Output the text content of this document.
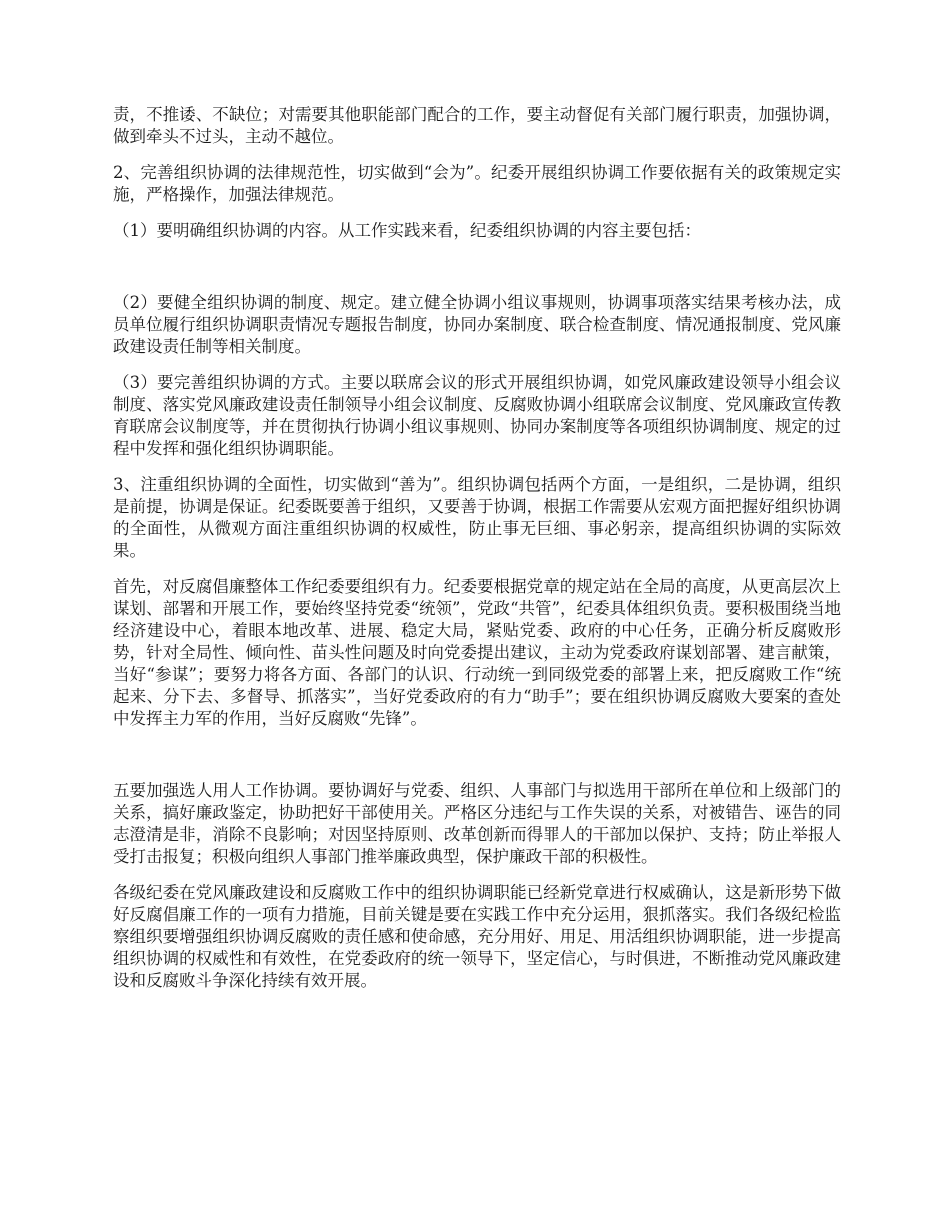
责，不推诿、不缺位；对需要其他职能部门配合的工作，要主动督促有关部门履行职责，加强协调，做到牵头不过头，主动不越位。

2、完善组织协调的法律规范性，切实做到“会为”。纪委开展组织协调工作要依据有关的政策规定实施，严格操作，加强法律规范。

（1）要明确组织协调的内容。从工作实践来看，纪委组织协调的内容主要包括：

（2）要健全组织协调的制度、规定。建立健全协调小组议事规则，协调事项落实结果考核办法，成员单位履行组织协调职责情况专题报告制度，协同办案制度、联合检查制度、情况通报制度、党风廉政建设责任制等相关制度。

（3）要完善组织协调的方式。主要以联席会议的形式开展组织协调，如党风廉政建设领导小组会议制度、落实党风廉政建设责任制领导小组会议制度、反腐败协调小组联席会议制度、党风廉政宣传教育联席会议制度等，并在贯彻执行协调小组议事规则、协同办案制度等各项组织协调制度、规定的过程中发挥和强化组织协调职能。

3、注重组织协调的全面性，切实做到“善为”。组织协调包括两个方面，一是组织，二是协调，组织是前提，协调是保证。纪委既要善于组织，又要善于协调，根据工作需要从宏观方面把握好组织协调的全面性，从微观方面注重组织协调的权威性，防止事无巨细、事必躬亲，提高组织协调的实际效果。

首先，对反腐倡廉整体工作纪委要组织有力。纪委要根据党章的规定站在全局的高度，从更高层次上谋划、部署和开展工作，要始终坚持党委“统领”，党政“共管”，纪委具体组织负责。要积极围绕当地经济建设中心，着眼本地改革、进展、稳定大局，紧贴党委、政府的中心任务，正确分析反腐败形势，针对全局性、倾向性、苗头性问题及时向党委提出建议，主动为党委政府谋划部署、建言献策，当好“参谋”；要努力将各方面、各部门的认识、行动统一到同级党委的部署上来，把反腐败工作“统起来、分下去、多督导、抓落实”，当好党委政府的有力“助手”；要在组织协调反腐败大要案的查处中发挥主力军的作用，当好反腐败“先锋”。

五要加强选人用人工作协调。要协调好与党委、组织、人事部门与拟选用干部所在单位和上级部门的关系，搞好廉政鉴定，协助把好干部使用关。严格区分违纪与工作失误的关系，对被错告、诬告的同志澄清是非，消除不良影响；对因坚持原则、改革创新而得罪人的干部加以保护、支持；防止举报人受打击报复；积极向组织人事部门推举廉政典型，保护廉政干部的积极性。

各级纪委在党风廉政建设和反腐败工作中的组织协调职能已经新党章进行权威确认，这是新形势下做好反腐倡廉工作的一项有力措施，目前关键是要在实践工作中充分运用，狠抓落实。我们各级纪检监察组织要增强组织协调反腐败的责任感和使命感，充分用好、用足、用活组织协调职能，进一步提高组织协调的权威性和有效性，在党委政府的统一领导下，坚定信心，与时俱进，不断推动党风廉政建设和反腐败斗争深化持续有效开展。
